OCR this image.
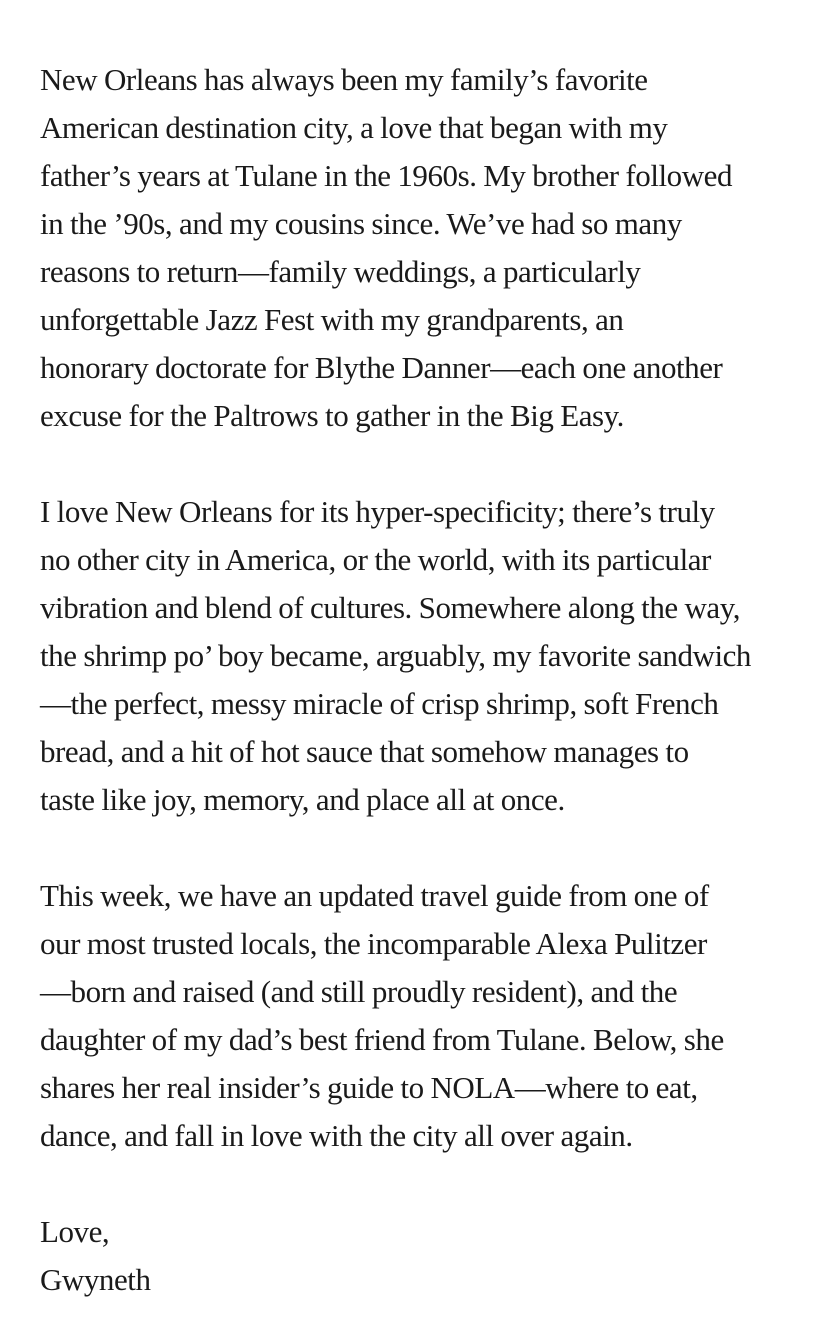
New Orleans has always been my family’s favorite
American destination city, a love that began with my
father’s years at Tulane in the 1960s. My brother followed
in the ’90s, and my cousins since. We’ve had so many
reasons to return—family weddings, a particularly
unforgettable Jazz Fest with my grandparents, an
honorary doctorate for Blythe Danner—each one another
excuse for the Paltrows to gather in the Big Easy.

I love New Orleans for its hyper-specificity; there’s truly
no other city in America, or the world, with its particular
vibration and blend of cultures. Somewhere along the way,
the shrimp po’ boy became, arguably, my favorite sandwich
—the perfect, messy miracle of crisp shrimp, soft French
bread, and a hit of hot sauce that somehow manages to
taste like joy, memory, and place all at once.

This week, we have an updated travel guide from one of
our most trusted locals, the incomparable Alexa Pulitzer
—born and raised (and still proudly resident), and the
daughter of my dad’s best friend from Tulane. Below, she
shares her real insider’s guide to NOLA—where to eat,
dance, and fall in love with the city all over again.

Love,
Gwyneth
